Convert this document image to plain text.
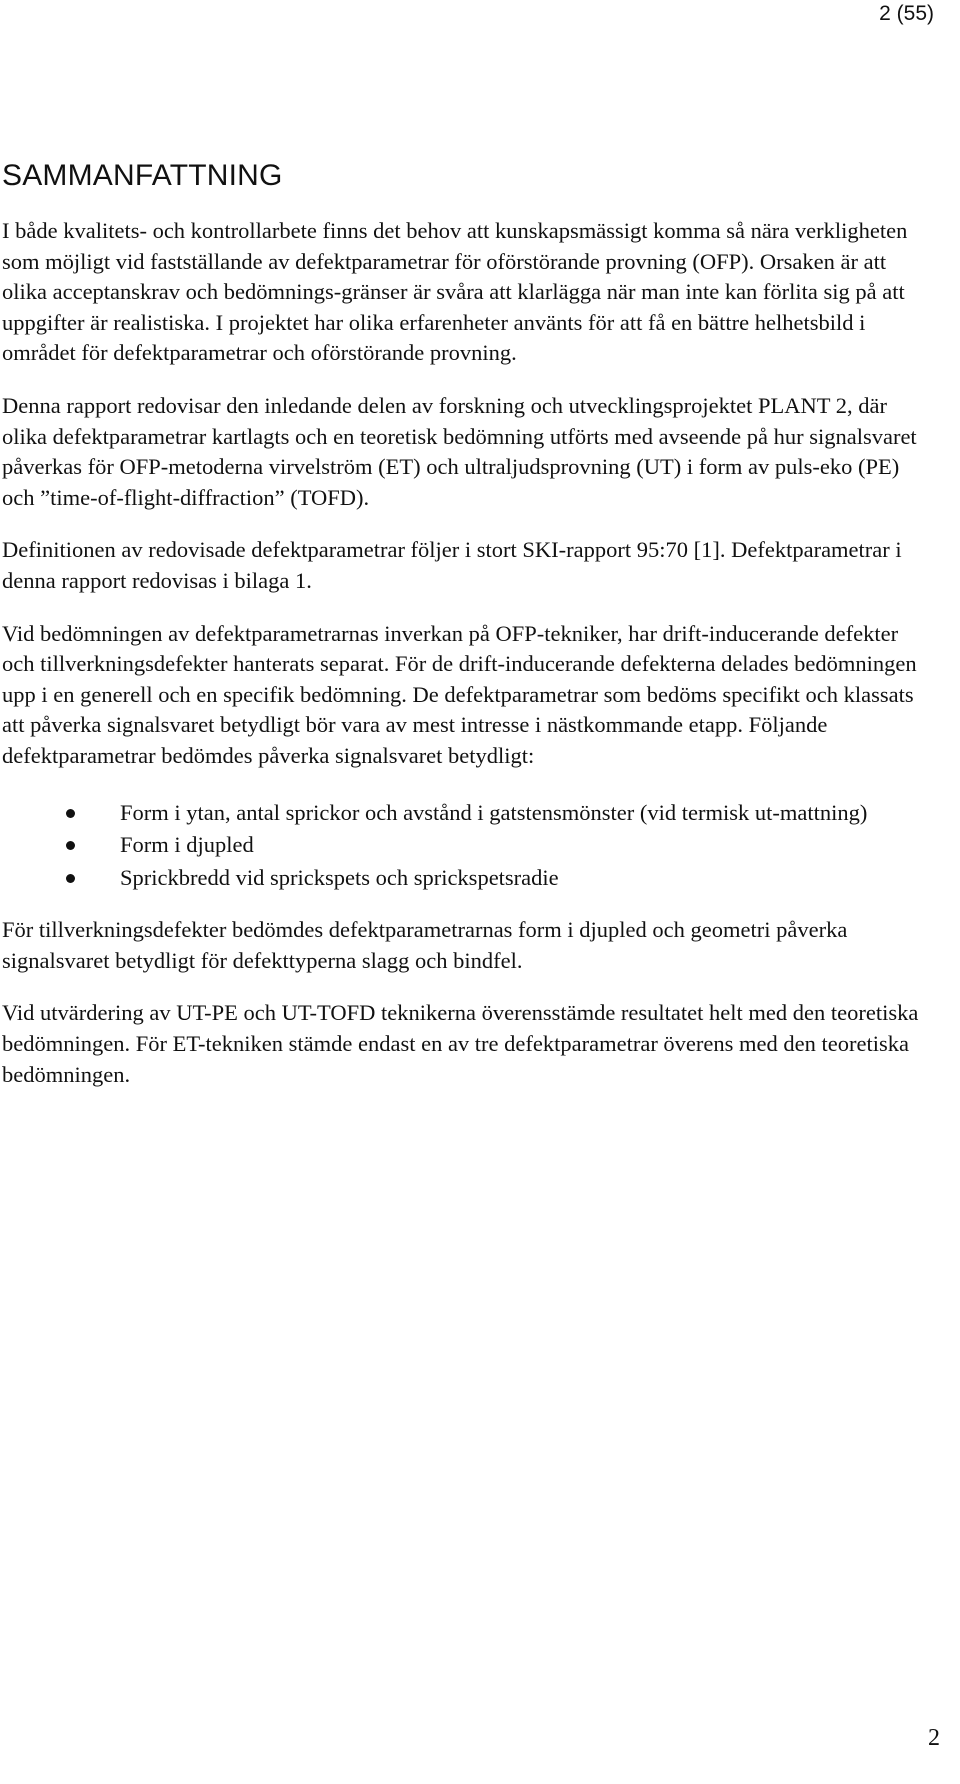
2 (55)
SAMMANFATTNING

I både kvalitets- och kontrollarbete finns det behov att kunskapsmässigt komma så nära verkligheten som möjligt vid fastställande av defektparametrar för oförstörande provning (OFP). Orsaken är att olika acceptanskrav och bedömnings-gränser är svåra att klarlägga när man inte kan förlita sig på att uppgifter är realistiska. I projektet har olika erfarenheter använts för att få en bättre helhetsbild i området för defektparametrar och oförstörande provning.

Denna rapport redovisar den inledande delen av forskning och utvecklingsprojektet PLANT 2, där olika defektparametrar kartlagts och en teoretisk bedömning utförts med avseende på hur signalsvaret påverkas för OFP-metoderna virvelström (ET) och ultraljudsprovning (UT) i form av puls-eko (PE) och ”time-of-flight-diffraction” (TOFD).

Definitionen av redovisade defektparametrar följer i stort SKI-rapport 95:70 [1]. Defektparametrar i denna rapport redovisas i bilaga 1.

Vid bedömningen av defektparametrarnas inverkan på OFP-tekniker, har drift-inducerande defekter och tillverkningsdefekter hanterats separat. För de drift-inducerande defekterna delades bedömningen upp i en generell och en specifik bedömning. De defektparametrar som bedöms specifikt och klassats att påverka signalsvaret betydligt bör vara av mest intresse i nästkommande etapp. Följande defektparametrar bedömdes påverka signalsvaret betydligt:

Form i ytan, antal sprickor och avstånd i gatstensmönster (vid termisk ut-mattning)
Form i djupled
Sprickbredd vid sprickspets och sprickspetsradie

För tillverkningsdefekter bedömdes defektparametrarnas form i djupled och geometri påverka signalsvaret betydligt för defekttyperna slagg och bindfel.

Vid utvärdering av UT-PE och UT-TOFD teknikerna överensstämde resultatet helt med den teoretiska bedömningen. För ET-tekniken stämde endast en av tre defektparametrar överens med den teoretiska bedömningen.

2
